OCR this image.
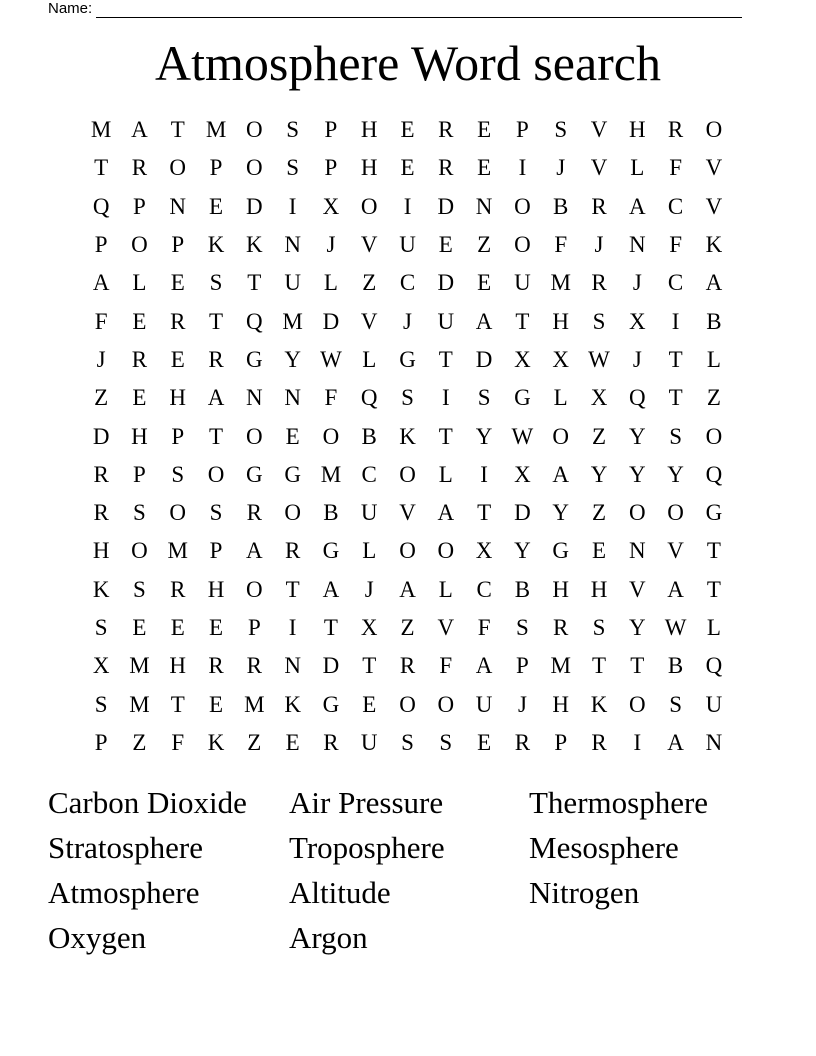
Name:
Atmosphere Word search
M A T M O	S	P	H E	R	E	P	S	V H R O
T	R O	P	O	S	P	H E	R	E	I	J	V L	F	V
Q	P	N E D	I	X O	I	D N O B R A C V
P	O	P	K K N	J	V U E	Z O	F	J	N	F	K
A L	E	S	T U L	Z	C D E U M R	J	C A
F	E	R	T Q M D V	J	U A T H	S	X	I	B
J	R	E	R G Y W L G T D X X W J	T	L
Z	E H A N N	F	Q	S	I	S	G L X Q T	Z
D H	P	T O E O B K T Y W O Z Y	S	O
R	P	S	O G G M C O L	I	X A Y Y Y Q
R	S	O	S	R O B U V A T D Y Z O O G
H O M P	A R G L O O X Y G E N V T
K	S	R H O T A	J	A L	C B H H V A T
S	E	E	E	P	I	T X Z V	F	S	R	S	Y W L
X M H R R N D T	R	F	A	P M T	T	B Q
S M T	E M K G E O O U	J	H K O	S	U
P	Z	F	K Z	E	R U	S	S	E	R	P	R	I	A N
Carbon Dioxide	Air Pressure	Thermosphere
Stratosphere	Troposphere	Mesosphere
Atmosphere	Altitude	Nitrogen
Oxygen	Argon
